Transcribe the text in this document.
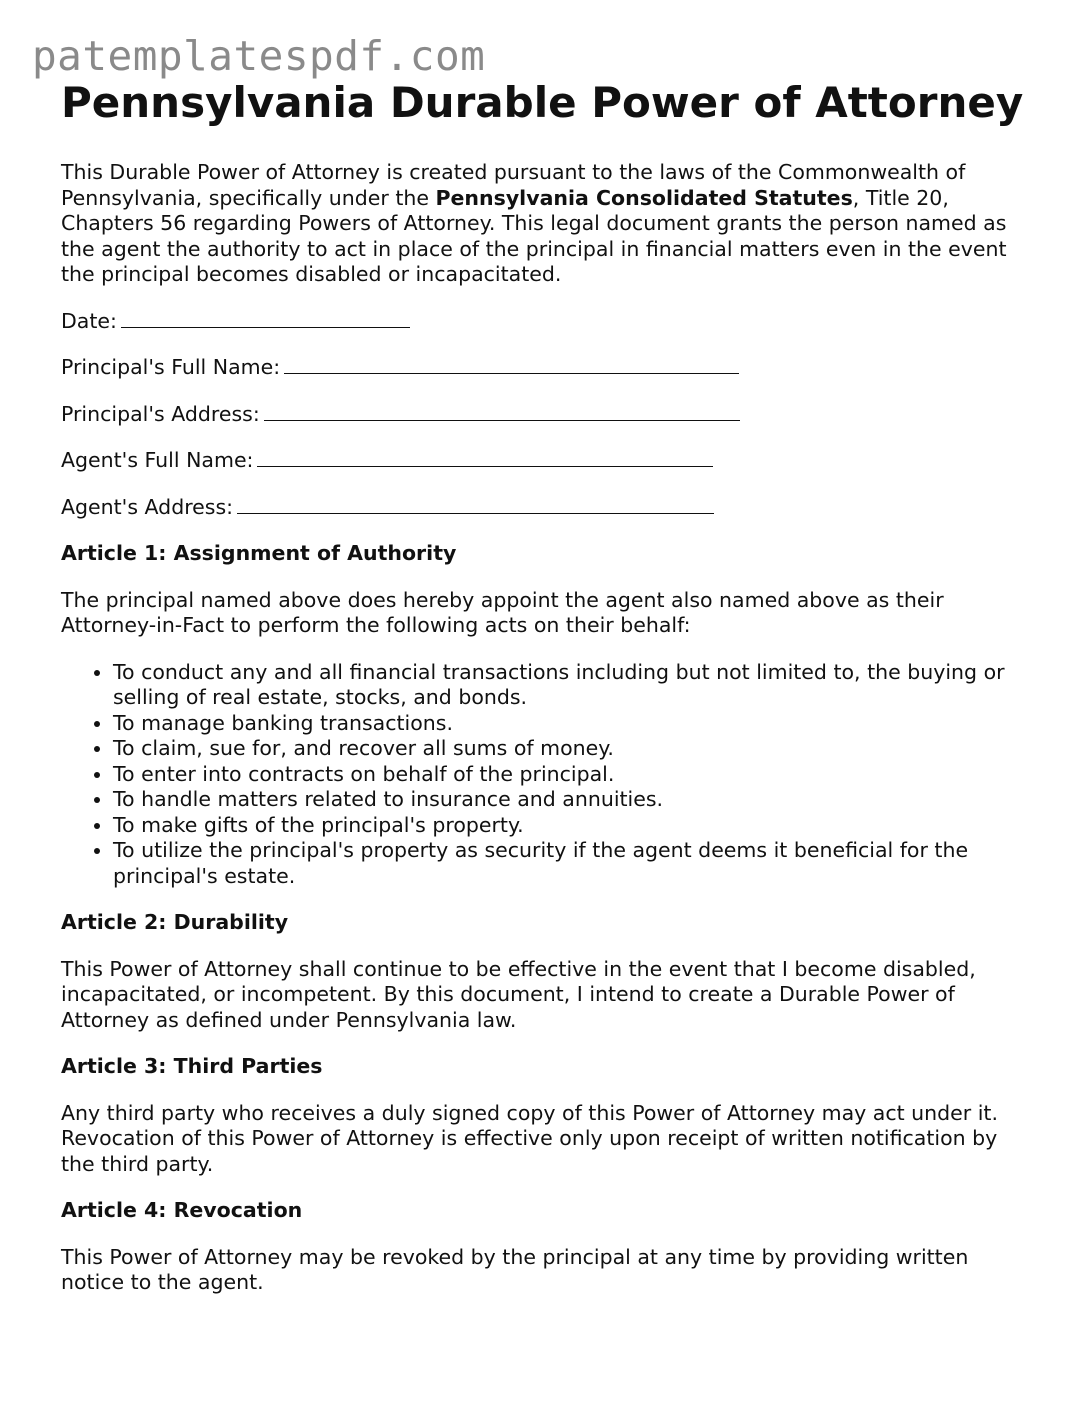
patemplatespdf.com
Pennsylvania Durable Power of Attorney

This Durable Power of Attorney is created pursuant to the laws of the Commonwealth of Pennsylvania, specifically under the Pennsylvania Consolidated Statutes, Title 20, Chapters 56 regarding Powers of Attorney. This legal document grants the person named as the agent the authority to act in place of the principal in financial matters even in the event the principal becomes disabled or incapacitated.

Date:

Principal's Full Name:

Principal's Address:

Agent's Full Name:

Agent's Address:

Article 1: Assignment of Authority

The principal named above does hereby appoint the agent also named above as their Attorney-in-Fact to perform the following acts on their behalf:

• To conduct any and all financial transactions including but not limited to, the buying or selling of real estate, stocks, and bonds.
• To manage banking transactions.
• To claim, sue for, and recover all sums of money.
• To enter into contracts on behalf of the principal.
• To handle matters related to insurance and annuities.
• To make gifts of the principal's property.
• To utilize the principal's property as security if the agent deems it beneficial for the principal's estate.

Article 2: Durability

This Power of Attorney shall continue to be effective in the event that I become disabled, incapacitated, or incompetent. By this document, I intend to create a Durable Power of Attorney as defined under Pennsylvania law.

Article 3: Third Parties

Any third party who receives a duly signed copy of this Power of Attorney may act under it. Revocation of this Power of Attorney is effective only upon receipt of written notification by the third party.

Article 4: Revocation

This Power of Attorney may be revoked by the principal at any time by providing written notice to the agent.
